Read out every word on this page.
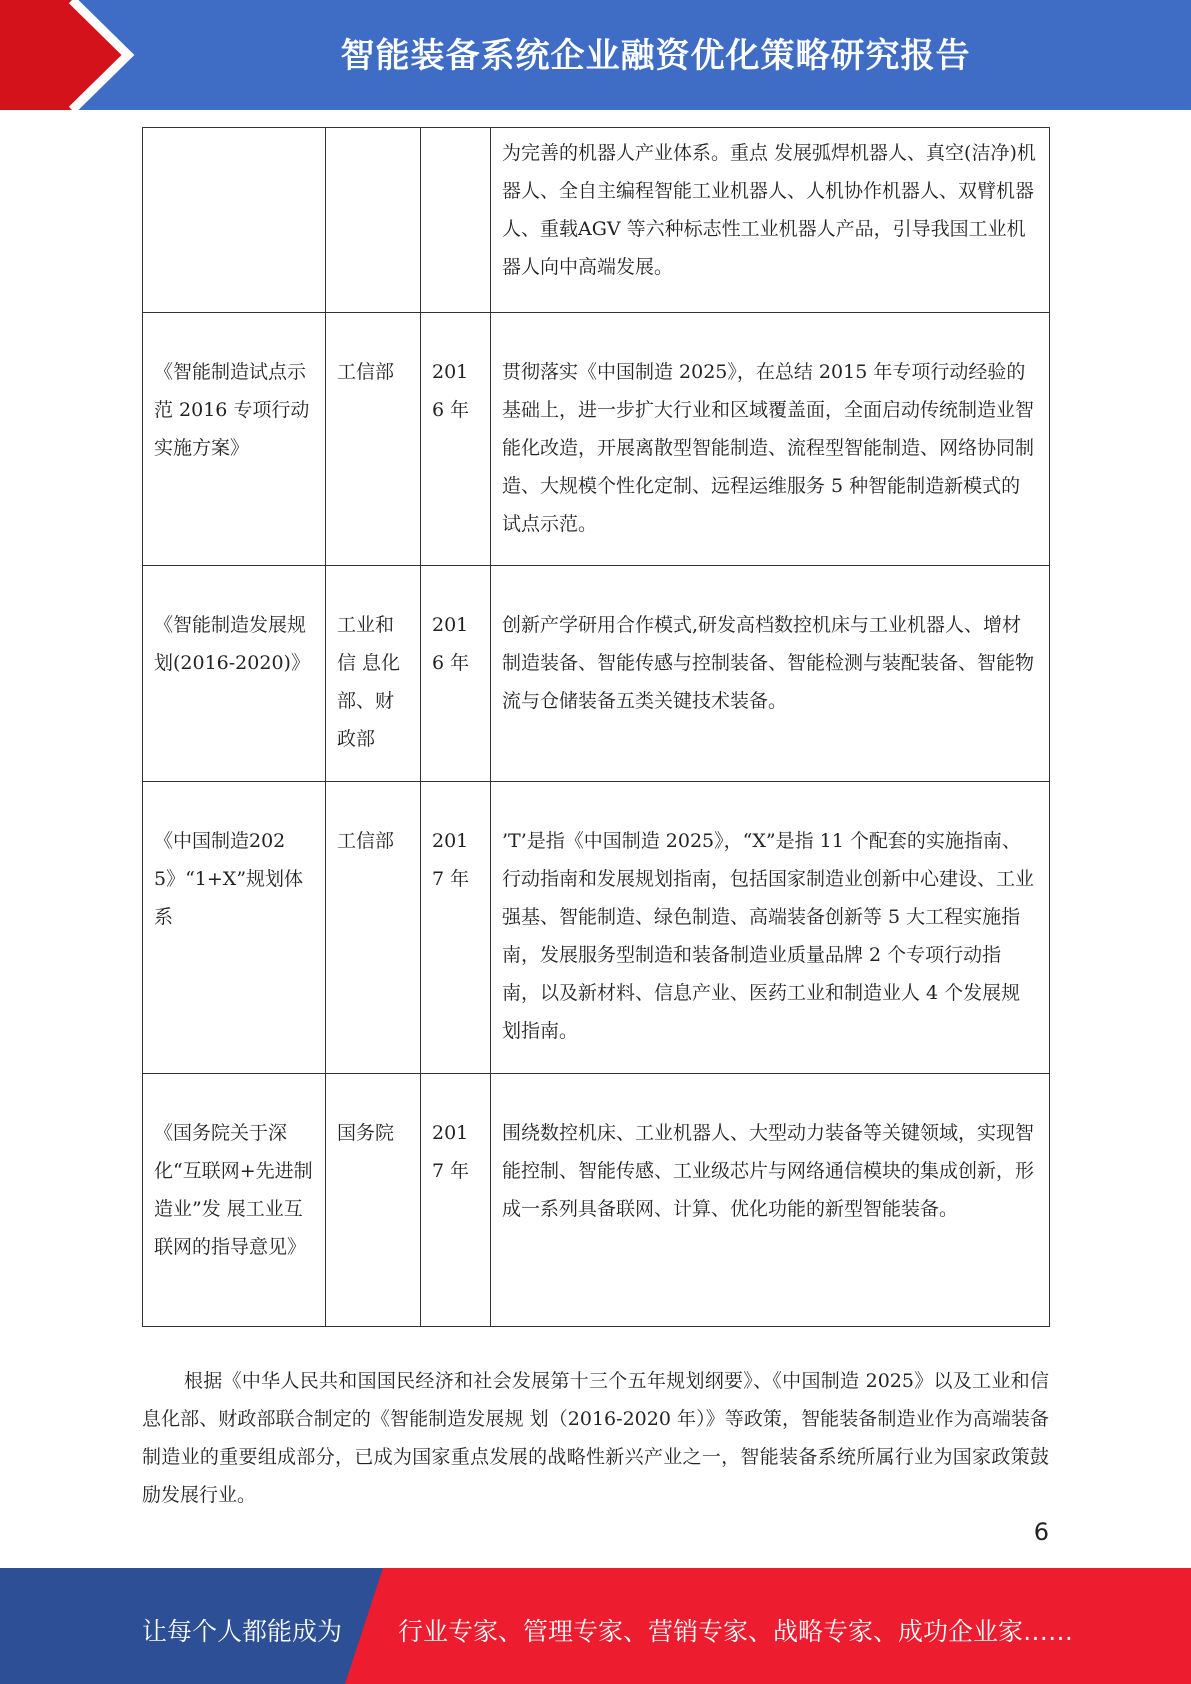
智能装备系统企业融资优化策略研究报告
			为完善的机器人产业体系。重点 发展弧焊机器人、真空(洁净)机器人、全自主编程智能工业机器人、人机协作机器人、双臂机器 人、重载AGV 等六种标志性工业机器人产品，引导我国工业机器人向中高端发展。
《智能制造试点示范 2016 专项行动实施方案》	工信部	2016 年	贯彻落实《中国制造 2025》，在总结 2015 年专项行动经验的基础上，进一步扩大行业和区域覆盖面，全面启动传统制造业智能化改造，开展离散型智能制造、流程型智能制造、网络协同制造、大规模个性化定制、远程运维服务 5 种智能制造新模式的试点示范。
《智能制造发展规划(2016-2020)》	工业和信 息化部、财政部	2016 年	创新产学研用合作模式,研发高档数控机床与工业机器人、增材制造装备、智能传感与控制装备、智能检测与装配装备、智能物流与仓储装备五类关键技术装备。
《中国制造2025》“1+X”规划体系	工信部	2017 年	’T’是指《中国制造 2025》，“X”是指 11 个配套的实施指南、行动指南和发展规划指南，包括国家制造业创新中心建设、工业强基、智能制造、绿色制造、高端装备创新等 5 大工程实施指南，发展服务型制造和装备制造业质量品牌 2 个专项行动指南，以及新材料、信息产业、医药工业和制造业人 4 个发展规划指南。
《国务院关于深化“互联网+先进制造业”发 展工业互联网的指导意见》	国务院	2017 年	围绕数控机床、工业机器人、大型动力装备等关键领域，实现智能控制、智能传感、工业级芯片与网络通信模块的集成创新，形成一系列具备联网、计算、优化功能的新型智能装备。
根据《中华人民共和国国民经济和社会发展第十三个五年规划纲要》、《中国制造 2025》以及工业和信息化部、财政部联合制定的《智能制造发展规 划（2016-2020 年）》等政策，智能装备制造业作为高端装备制造业的重要组成部分，已成为国家重点发展的战略性新兴产业之一，智能装备系统所属行业为国家政策鼓励发展行业。
6
让每个人都能成为 行业专家、管理专家、营销专家、战略专家、成功企业家……
